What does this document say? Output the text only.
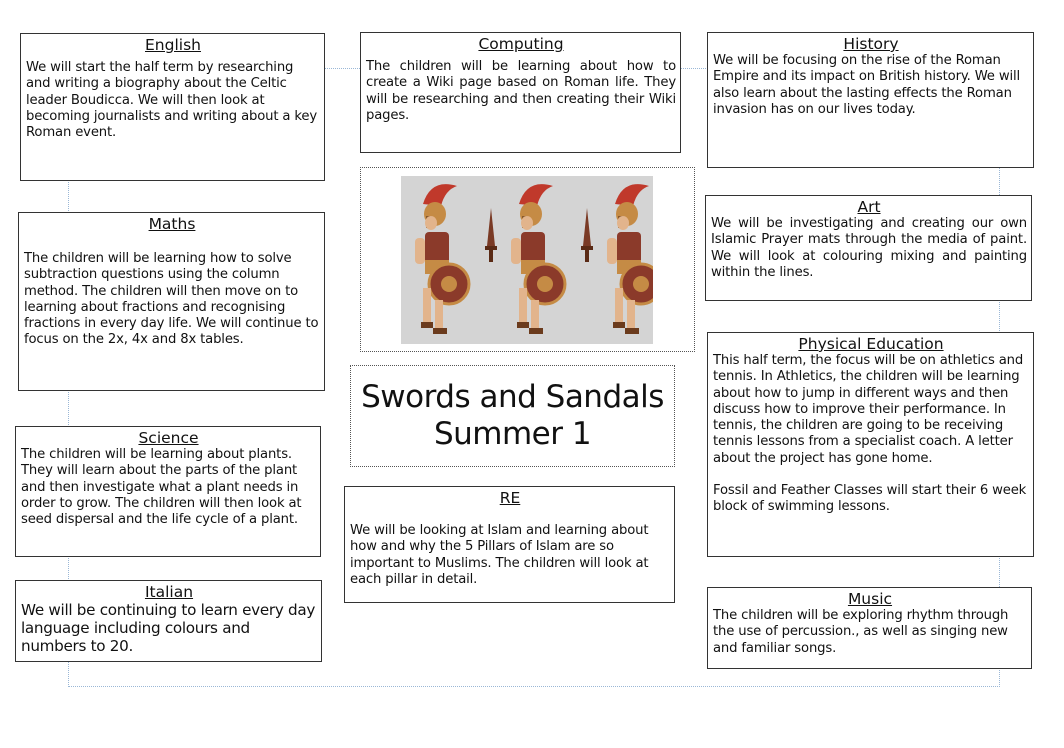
English

We will start the half term by researching and writing a biography about the Celtic leader Boudicca. We will then look at becoming journalists and writing about a key Roman event.

Computing

The children will be learning about how to create a Wiki page based on Roman life. They will be researching and then creating their Wiki pages.

History

We will be focusing on the rise of the Roman Empire and its impact on British history. We will also learn about the lasting effects the Roman invasion has on our lives today.

Maths

The children will be learning how to solve subtraction questions using the column method. The children will then move on to learning about fractions and recognising fractions in every day life. We will continue to focus on the 2x, 4x and 8x tables.

Art

We will be investigating and creating our own Islamic Prayer mats through the media of paint. We will look at colouring mixing and painting within the lines.

Swords and Sandals
Summer 1
Physical Education

This half term, the focus will be on athletics and tennis. In Athletics, the children will be learning about how to jump in different ways and then discuss how to improve their performance. In tennis, the children are going to be receiving tennis lessons from a specialist coach. A letter about the project has gone home.

Fossil and Feather Classes will start their 6 week block of swimming lessons.

Science

The children will be learning about plants. They will learn about the parts of the plant and then investigate what a plant needs in order to grow. The children will then look at seed dispersal and the life cycle of a plant.

RE

We will be looking at Islam and learning about how and why the 5 Pillars of Islam are so important to Muslims. The children will look at each pillar in detail.

Italian

We will be continuing to learn every day language including colours and numbers to 20.

Music

The children will be exploring rhythm through the use of percussion., as well as singing new and familiar songs.
